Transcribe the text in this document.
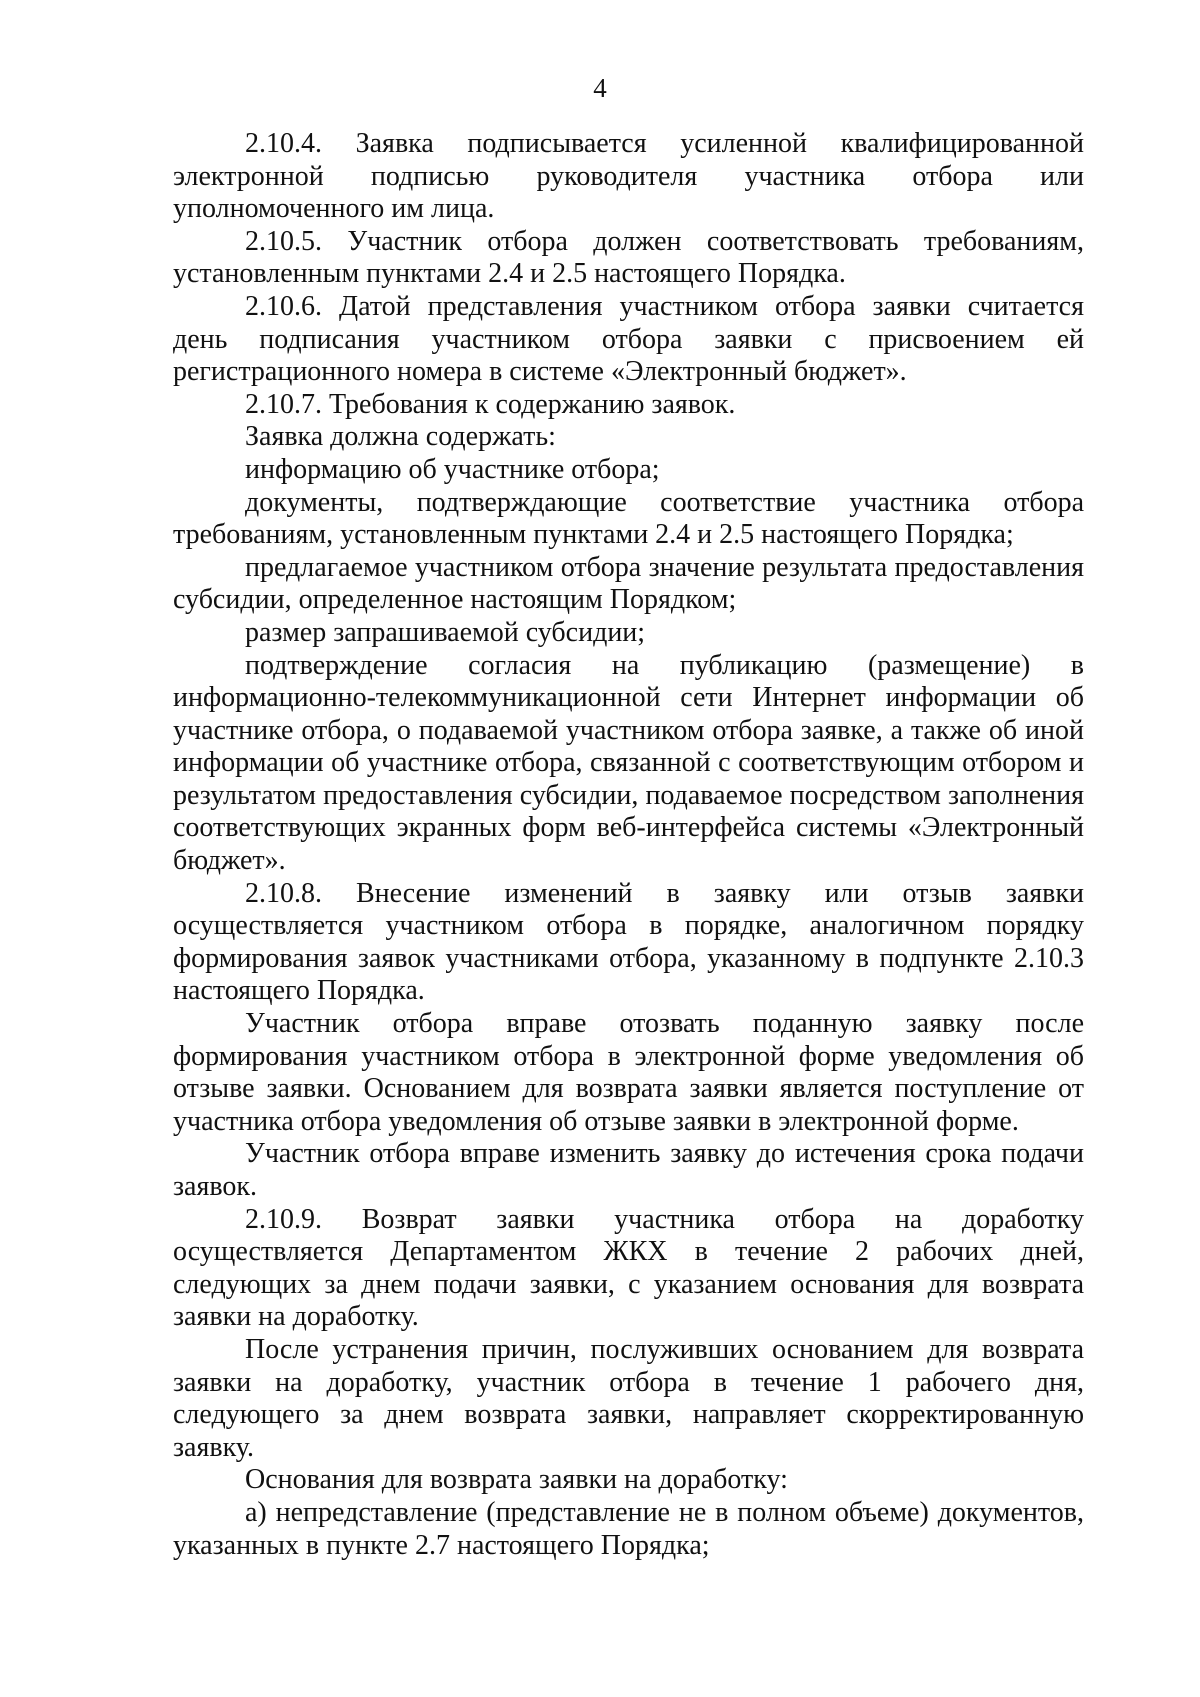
4

2.10.4. Заявка подписывается усиленной квалифицированной электронной подписью руководителя участника отбора или уполномоченного им лица.

2.10.5. Участник отбора должен соответствовать требованиям, установленным пунктами 2.4 и 2.5 настоящего Порядка.

2.10.6. Датой представления участником отбора заявки считается день подписания участником отбора заявки с присвоением ей регистрационного номера в системе «Электронный бюджет».

2.10.7. Требования к содержанию заявок.

Заявка должна содержать:

информацию об участнике отбора;

документы, подтверждающие соответствие участника отбора требованиям, установленным пунктами 2.4 и 2.5 настоящего Порядка;

предлагаемое участником отбора значение результата предоставления субсидии, определенное настоящим Порядком;

размер запрашиваемой субсидии;

подтверждение согласия на публикацию (размещение) в информационно-телекоммуникационной сети Интернет информации об участнике отбора, о подаваемой участником отбора заявке, а также об иной информации об участнике отбора, связанной с соответствующим отбором и результатом предоставления субсидии, подаваемое посредством заполнения соответствующих экранных форм веб-интерфейса системы «Электронный бюджет».

2.10.8. Внесение изменений в заявку или отзыв заявки осуществляется участником отбора в порядке, аналогичном порядку формирования заявок участниками отбора, указанному в подпункте 2.10.3 настоящего Порядка.

Участник отбора вправе отозвать поданную заявку после формирования участником отбора в электронной форме уведомления об отзыве заявки. Основанием для возврата заявки является поступление от участника отбора уведомления об отзыве заявки в электронной форме.

Участник отбора вправе изменить заявку до истечения срока подачи заявок.

2.10.9. Возврат заявки участника отбора на доработку осуществляется Департаментом ЖКХ в течение 2 рабочих дней, следующих за днем подачи заявки, с указанием основания для возврата заявки на доработку.

После устранения причин, послуживших основанием для возврата заявки на доработку, участник отбора в течение 1 рабочего дня, следующего за днем возврата заявки, направляет скорректированную заявку.

Основания для возврата заявки на доработку:

а) непредставление (представление не в полном объеме) документов, указанных в пункте 2.7 настоящего Порядка;
